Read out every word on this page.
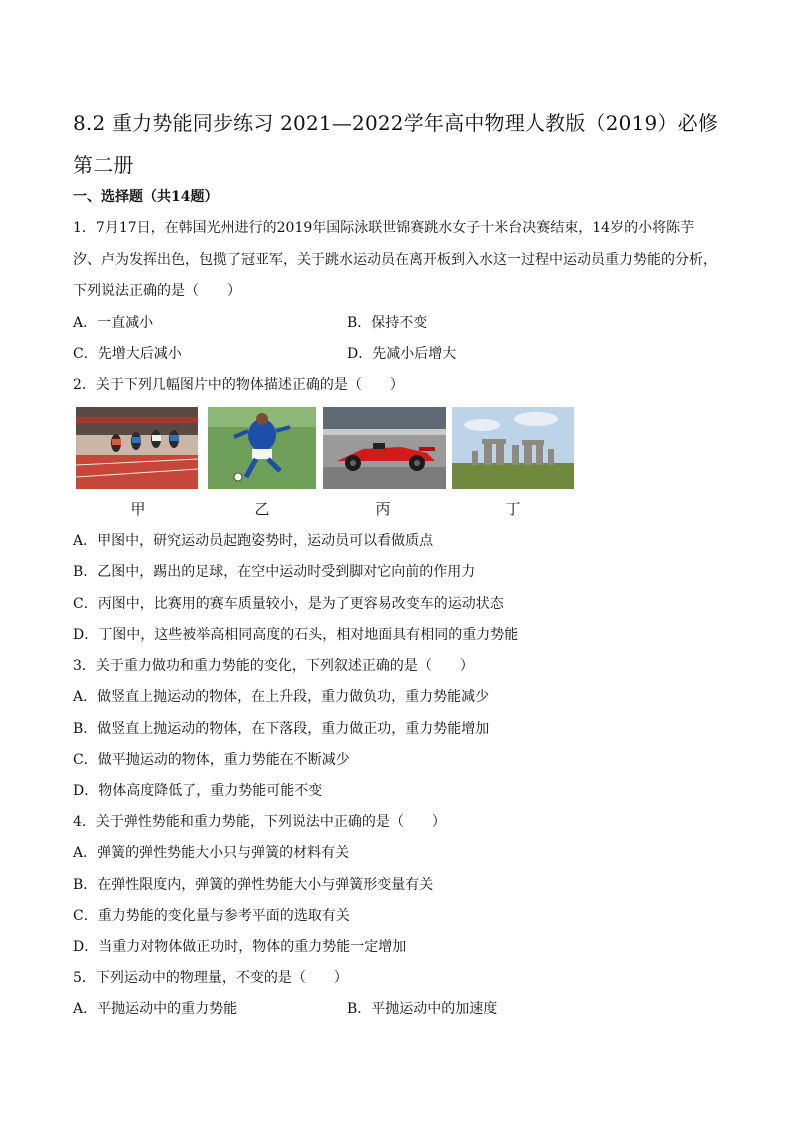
8.2 重力势能同步练习 2021—2022学年高中物理人教版（2019）必修第二册
一、选择题（共14题）
1．7月17日，在韩国光州进行的2019年国际泳联世锦赛跳水女子十米台决赛结束，14岁的小将陈芋
汐、卢为发挥出色，包揽了冠亚军，关于跳水运动员在离开板到入水这一过程中运动员重力势能的分析，
下列说法正确的是（　　）
A．一直减小	B．保持不变
C．先增大后减小	D．先减小后增大
2．关于下列几幅图片中的物体描述正确的是（　　）
甲	乙	丙	丁
A．甲图中，研究运动员起跑姿势时，运动员可以看做质点
B．乙图中，踢出的足球，在空中运动时受到脚对它向前的作用力
C．丙图中，比赛用的赛车质量较小，是为了更容易改变车的运动状态
D．丁图中，这些被举高相同高度的石头，相对地面具有相同的重力势能
3．关于重力做功和重力势能的变化，下列叙述正确的是（　　）
A．做竖直上抛运动的物体，在上升段，重力做负功，重力势能减少
B．做竖直上抛运动的物体，在下落段，重力做正功，重力势能增加
C．做平抛运动的物体，重力势能在不断减少
D．物体高度降低了，重力势能可能不变
4．关于弹性势能和重力势能，下列说法中正确的是（　　）
A．弹簧的弹性势能大小只与弹簧的材料有关
B．在弹性限度内，弹簧的弹性势能大小与弹簧形变量有关
C．重力势能的变化量与参考平面的选取有关
D．当重力对物体做正功时，物体的重力势能一定增加
5．下列运动中的物理量，不变的是（　　）
A．平抛运动中的重力势能	B．平抛运动中的加速度
